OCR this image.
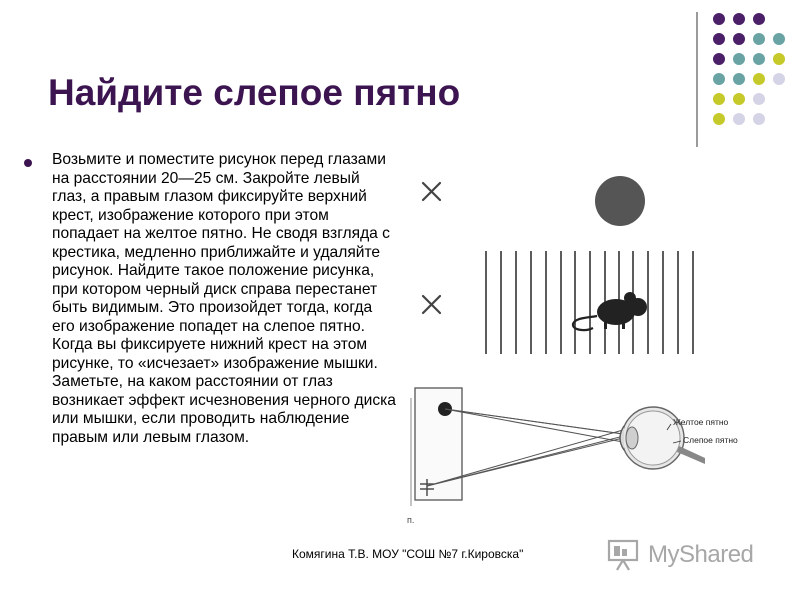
Найдите слепое пятно
Возьмите и поместите рисунок перед глазами на расстоянии 20—25 см. Закройте левый глаз, а правым глазом фиксируйте верхний крест, изображение которого при этом попадает на желтое пятно. Не сводя взгляда с крестика, медленно приближайте и удаляйте рисунок. Найдите такое положение рисунка, при котором черный диск справа перестанет быть видимым. Это произойдет тогда, когда его изображение попадет на слепое пятно. Когда вы фиксируете нижний крест на этом рисунке, то «исчезает» изображение мышки. Заметьте, на каком расстоянии от глаз возникает эффект исчезновения черного диска или мышки, если проводить наблюдение правым или левым глазом.
Желтое пятно
Слепое пятно
п.
Комягина Т.В. МОУ "СОШ №7 г.Кировска"	MyShared
